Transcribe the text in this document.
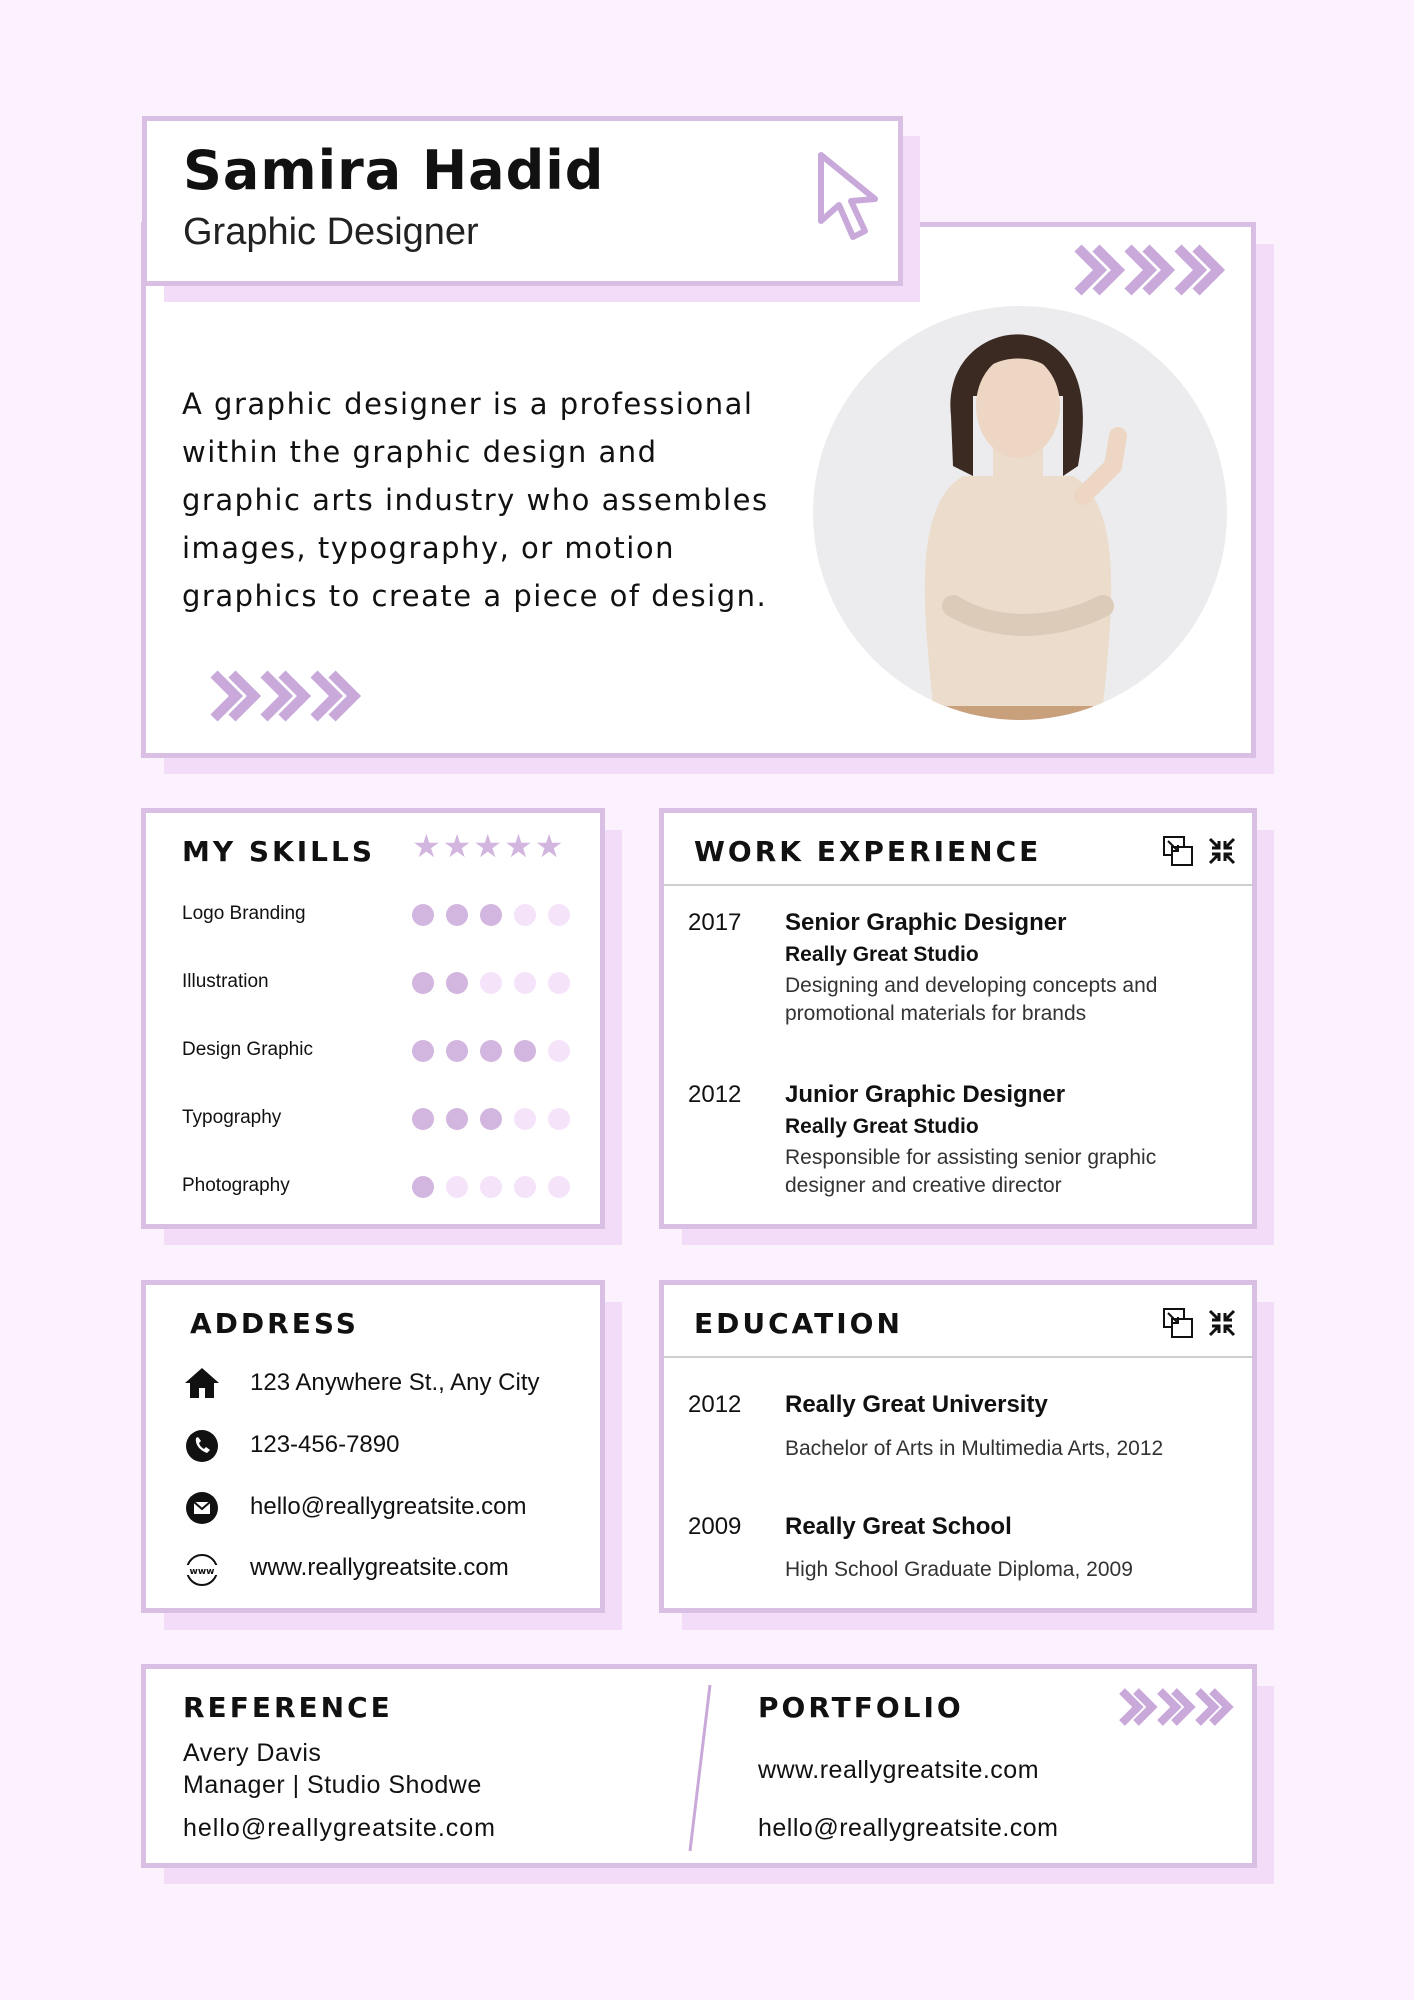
Samira Hadid
Graphic Designer
A graphic designer is a professional
within the graphic design and
graphic arts industry who assembles
images, typography, or motion
graphics to create a piece of design.
MY SKILLS ★★★★★
Logo Branding
Illustration
Design Graphic
Typography
Photography
WORK EXPERIENCE
2017 Senior Graphic Designer
Really Great Studio
Designing and developing concepts and
promotional materials for brands
2012 Junior Graphic Designer
Really Great Studio
Responsible for assisting senior graphic
designer and creative director
ADDRESS
123 Anywhere St., Any City
123-456-7890
hello@reallygreatsite.com
www www.reallygreatsite.com
EDUCATION
2012 Really Great University
Bachelor of Arts in Multimedia Arts, 2012
2009 Really Great School
High School Graduate Diploma, 2009
REFERENCE
Avery Davis
Manager | Studio Shodwe
hello@reallygreatsite.com
PORTFOLIO
www.reallygreatsite.com
hello@reallygreatsite.com
